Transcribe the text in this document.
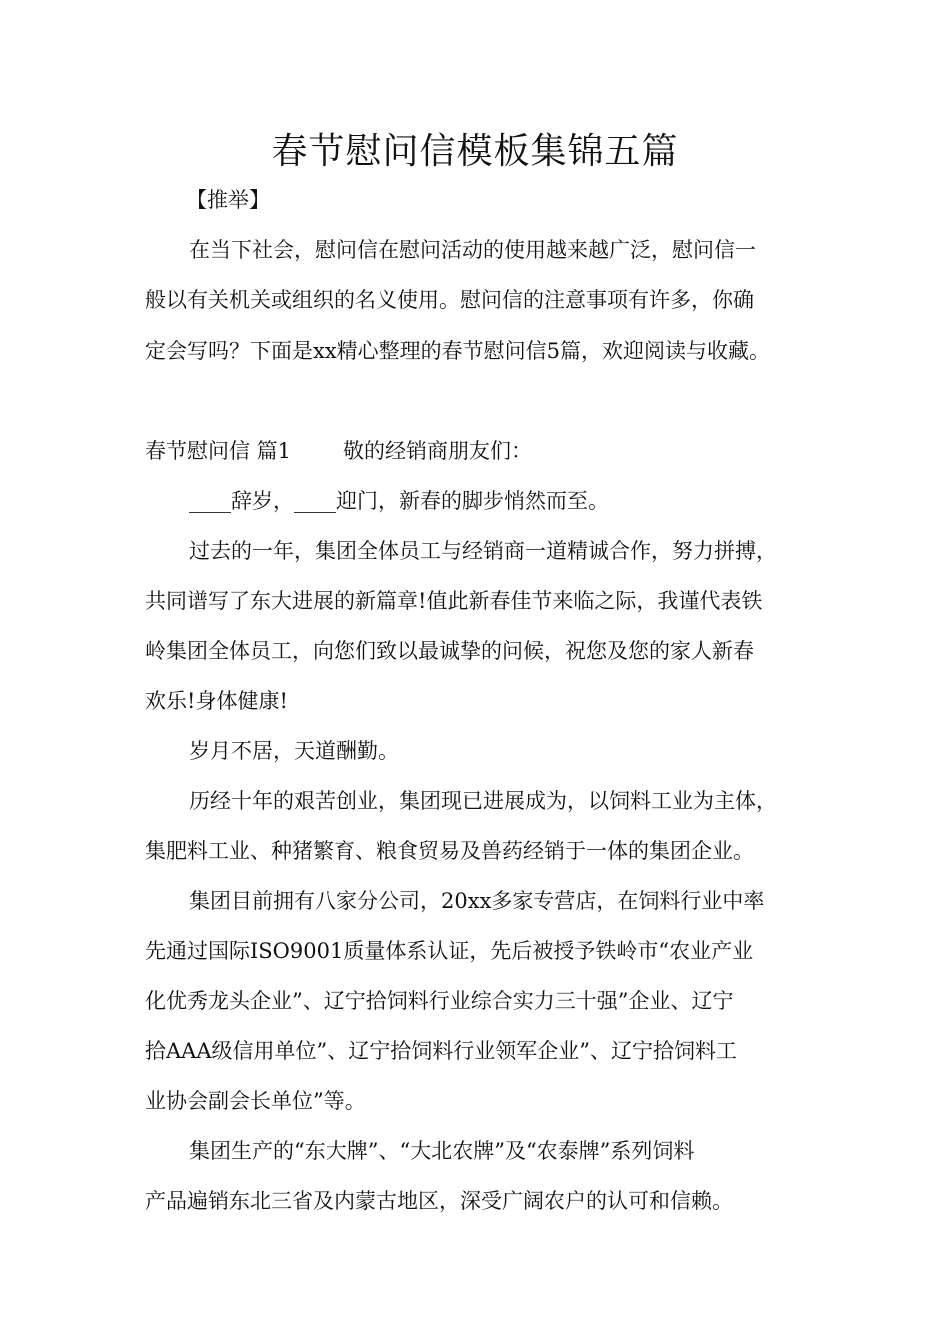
春节慰问信模板集锦五篇

【推举】

在当下社会，慰问信在慰问活动的使用越来越广泛，慰问信一

般以有关机关或组织的名义使用。慰问信的注意事项有许多，你确

定会写吗？下面是xx精心整理的春节慰问信5篇，欢迎阅读与收藏。

春节慰问信 篇1 敬的经销商朋友们：

____辞岁，____迎门，新春的脚步悄然而至。

过去的一年，集团全体员工与经销商一道精诚合作，努力拼搏，

共同谱写了东大进展的新篇章!值此新春佳节来临之际，我谨代表铁

岭集团全体员工，向您们致以最诚挚的问候，祝您及您的家人新春

欢乐!身体健康!

岁月不居，天道酬勤。

历经十年的艰苦创业，集团现已进展成为，以饲料工业为主体，

集肥料工业、种猪繁育、粮食贸易及兽药经销于一体的集团企业。

集团目前拥有八家分公司，20xx多家专营店，在饲料行业中率

先通过国际ISO9001质量体系认证，先后被授予铁岭市“农业产业

化优秀龙头企业”、辽宁拾饲料行业综合实力三十强”企业、辽宁

拾AAA级信用单位”、辽宁拾饲料行业领军企业”、辽宁拾饲料工

业协会副会长单位”等。

集团生产的“东大牌”、“大北农牌”及“农泰牌”系列饲料

产品遍销东北三省及内蒙古地区，深受广阔农户的认可和信赖。
